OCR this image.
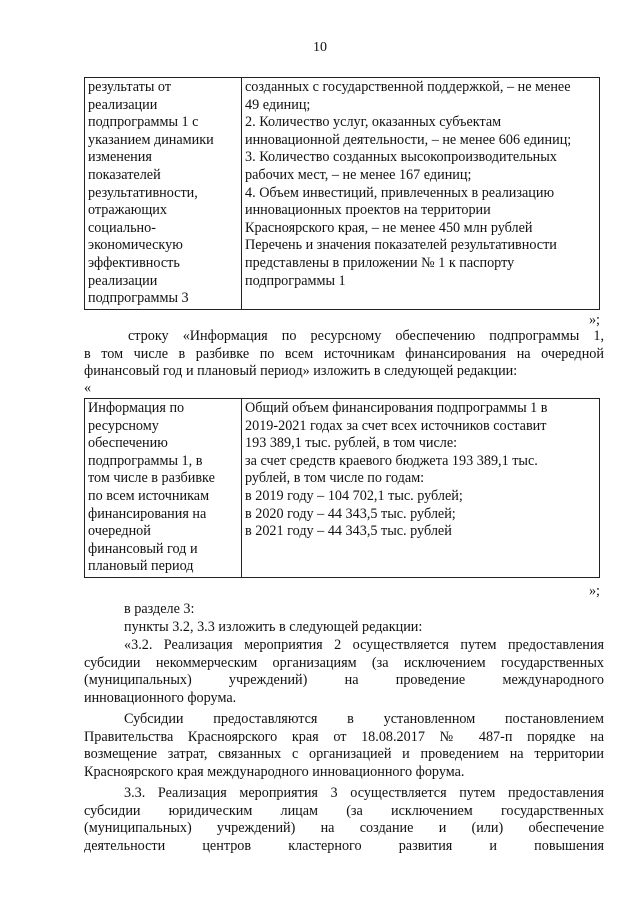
10
результаты от
реализации
подпрограммы 1 с
указанием динамики
изменения
показателей
результативности,
отражающих
социально-
экономическую
эффективность
реализации
подпрограммы 3

созданных с государственной поддержкой, – не менее
49 единиц;
2. Количество услуг, оказанных субъектам
инновационной деятельности, – не менее 606 единиц;
3. Количество созданных высокопроизводительных
рабочих мест, – не менее 167 единиц;
4. Объем инвестиций, привлеченных в реализацию
инновационных проектов на территории
Красноярского края, – не менее 450 млн рублей
Перечень и значения показателей результативности
представлены в приложении № 1 к паспорту
подпрограммы 1
»;
строку «Информация по ресурсному обеспечению подпрограммы 1,
в том числе в разбивке по всем источникам финансирования на очередной
финансовый год и плановый период» изложить в следующей редакции:
«
Информация по
ресурсному
обеспечению
подпрограммы 1, в
том числе в разбивке
по всем источникам
финансирования на
очередной
финансовый год и
плановый период

Общий объем финансирования подпрограммы 1 в
2019-2021 годах за счет всех источников составит
193 389,1 тыс. рублей, в том числе:
за счет средств краевого бюджета 193 389,1 тыс.
рублей, в том числе по годам:
в 2019 году – 104 702,1 тыс. рублей;
в 2020 году – 44 343,5 тыс. рублей;
в 2021 году – 44 343,5 тыс. рублей
»;
в разделе 3:
пункты 3.2, 3.3 изложить в следующей редакции:
«3.2. Реализация мероприятия 2 осуществляется путем предоставления
субсидии некоммерческим организациям (за исключением государственных
(муниципальных) учреждений) на проведение международного
инновационного форума.
Субсидии предоставляются в установленном постановлением
Правительства Красноярского края от 18.08.2017 № 487-п порядке на
возмещение затрат, связанных с организацией и проведением на территории
Красноярского края международного инновационного форума.
3.3. Реализация мероприятия 3 осуществляется путем предоставления
субсидии юридическим лицам (за исключением государственных
(муниципальных) учреждений) на создание и (или) обеспечение
деятельности центров кластерного развития и повышения
